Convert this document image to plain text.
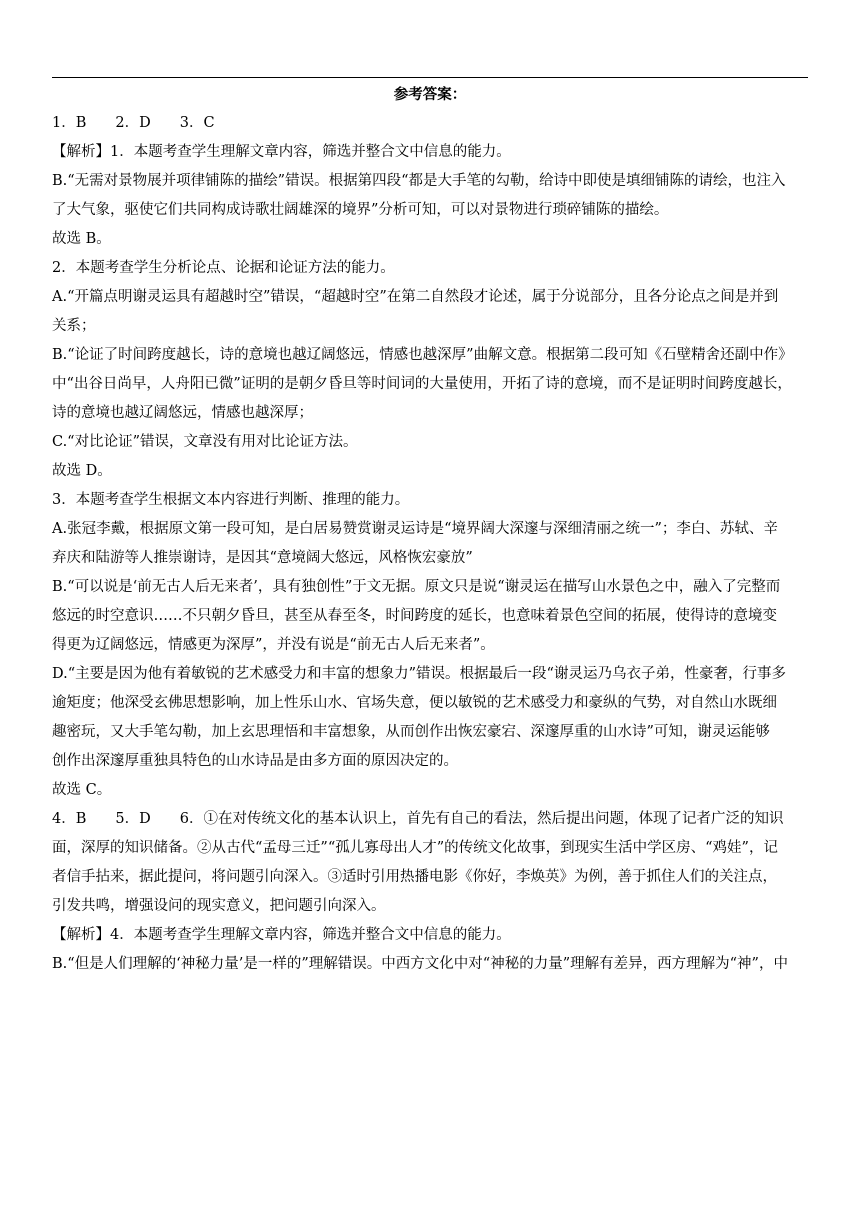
参考答案：
1．B　　2．D　　3．C
【解析】1．本题考查学生理解文章内容，筛选并整合文中信息的能力。
B.“无需对景物展并项律铺陈的描绘”错误。根据第四段“都是大手笔的勾勒，给诗中即使是填细铺陈的请绘，也注入
了大气象，驱使它们共同构成诗歌壮阔雄深的境界”分析可知，可以对景物进行琐碎铺陈的描绘。
故选 B。
2．本题考查学生分析论点、论据和论证方法的能力。
A.“开篇点明谢灵运具有超越时空”错误，“超越时空”在第二自然段才论述，属于分说部分，且各分论点之间是并到
关系；
B.“论证了时间跨度越长，诗的意境也越辽阔悠远，情感也越深厚”曲解文意。根据第二段可知《石壁精舍还副中作》
中“出谷日尚早，人舟阳已微”证明的是朝夕昏旦等时间词的大量使用，开拓了诗的意境，而不是证明时间跨度越长，
诗的意境也越辽阔悠远，情感也越深厚；
C.“对比论证”错误，文章没有用对比论证方法。
故选 D。
3．本题考查学生根据文本内容进行判断、推理的能力。
A.张冠李戴，根据原文第一段可知，是白居易赞赏谢灵运诗是“境界阔大深邃与深细清丽之统一”；李白、苏轼、辛
弃庆和陆游等人推崇谢诗，是因其“意境阔大悠远，风格恢宏豪放”
B.“可以说是‘前无古人后无来者’，具有独创性”于文无据。原文只是说“谢灵运在描写山水景色之中，融入了完整而
悠远的时空意识……不只朝夕昏旦，甚至从春至冬，时间跨度的延长，也意味着景色空间的拓展，使得诗的意境变
得更为辽阔悠远，情感更为深厚”，并没有说是“前无古人后无来者”。
D.“主要是因为他有着敏锐的艺术感受力和丰富的想象力”错误。根据最后一段“谢灵运乃乌衣子弟，性豪奢，行事多
逾矩度；他深受玄佛思想影响，加上性乐山水、官场失意，便以敏锐的艺术感受力和豪纵的气势，对自然山水既细
趣密玩，又大手笔勾勒，加上玄思理悟和丰富想象，从而创作出恢宏豪宕、深邃厚重的山水诗”可知，谢灵运能够
创作出深邃厚重独具特色的山水诗品是由多方面的原因决定的。
故选 C。
4．B　　5．D　　6．①在对传统文化的基本认识上，首先有自己的看法，然后提出问题，体现了记者广泛的知识
面，深厚的知识储备。②从古代“孟母三迁”“孤儿寡母出人才”的传统文化故事，到现实生活中学区房、“鸡娃”，记
者信手拈来，据此提问，将问题引向深入。③适时引用热播电影《你好，李焕英》为例，善于抓住人们的关注点，
引发共鸣，增强设问的现实意义，把问题引向深入。
【解析】4．本题考查学生理解文章内容，筛选并整合文中信息的能力。
B.“但是人们理解的‘神秘力量’是一样的”理解错误。中西方文化中对“神秘的力量”理解有差异，西方理解为“神”，中
